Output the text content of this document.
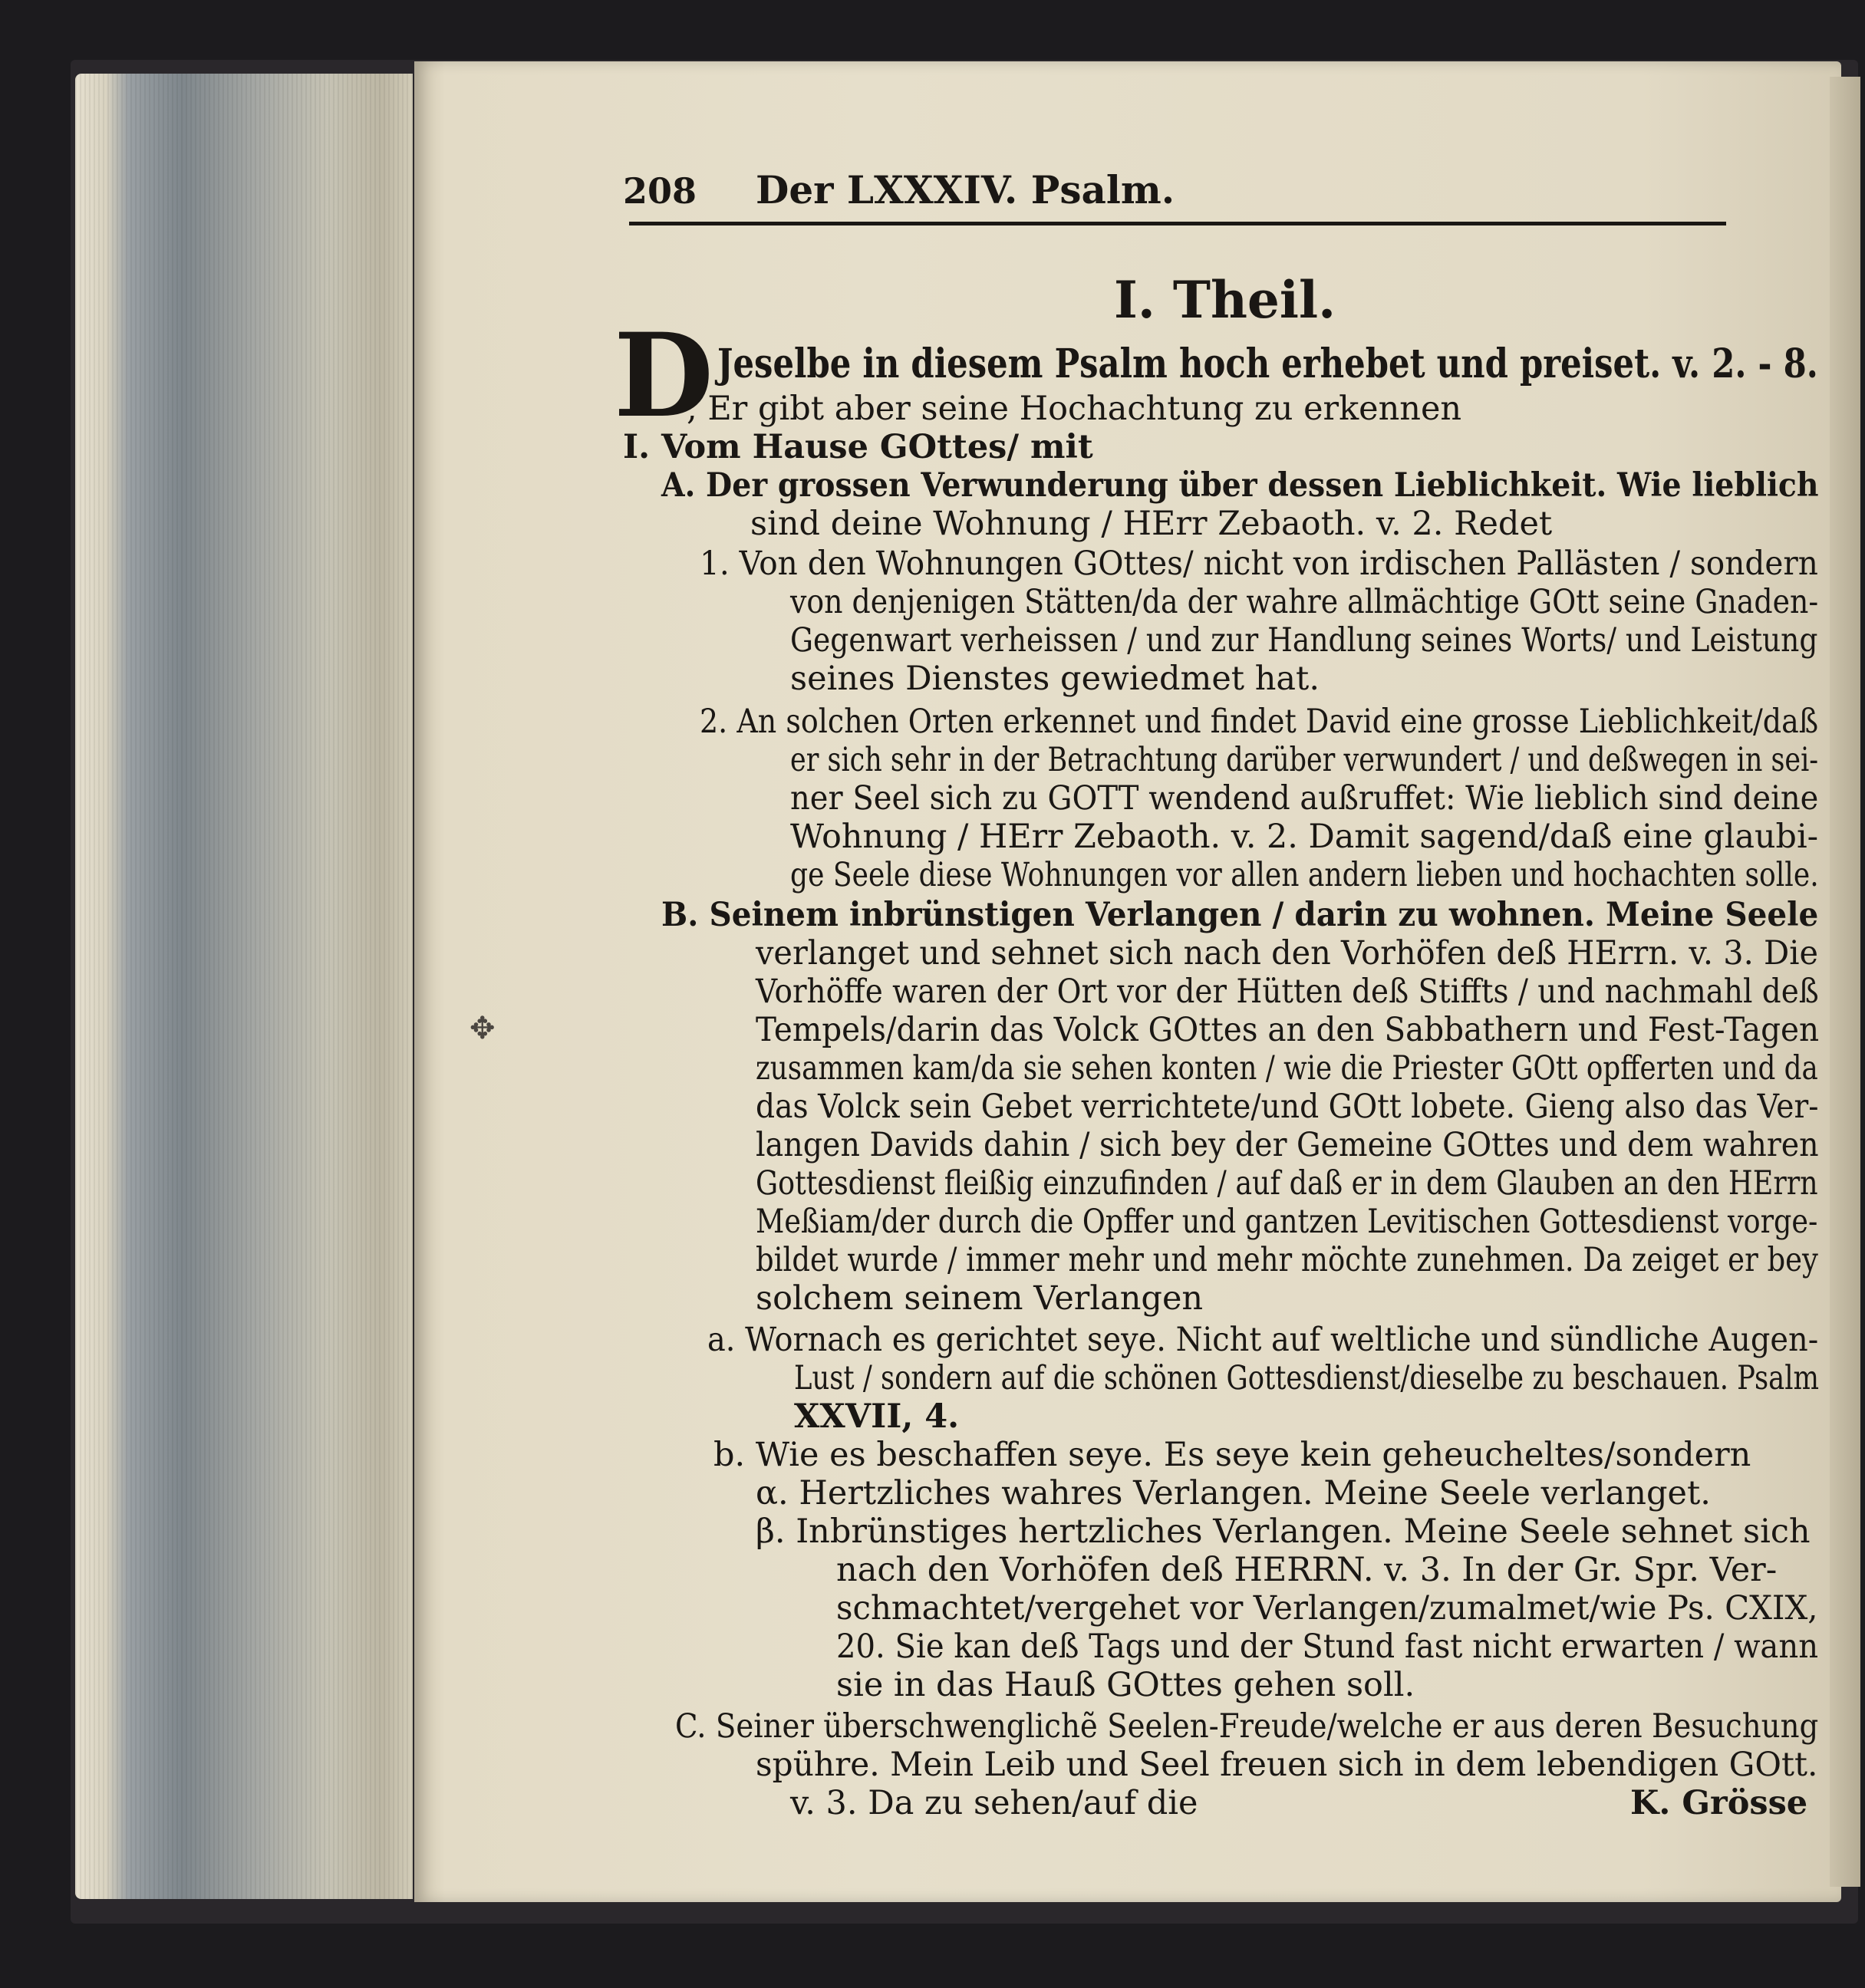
208 Der LXXXIV. Psalm.
I. Theil.
D Jeselbe in diesem Psalm hoch erhebet und preiset. v. 2. - 8.
, Er gibt aber seine Hochachtung zu erkennen
I. Vom Hause GOttes/ mit
A. Der grossen Verwunderung über dessen Lieblichkeit. Wie lieblich
sind deine Wohnung / HErr Zebaoth. v. 2. Redet
1. Von den Wohnungen GOttes/ nicht von irdischen Pallästen / sondern
von denjenigen Stätten/da der wahre allmächtige GOtt seine Gnaden-
Gegenwart verheissen / und zur Handlung seines Worts/ und Leistung
seines Dienstes gewiedmet hat.
2. An solchen Orten erkennet und findet David eine grosse Lieblichkeit/daß
er sich sehr in der Betrachtung darüber verwundert / und deßwegen in sei-
ner Seel sich zu GOTT wendend außruffet: Wie lieblich sind deine
Wohnung / HErr Zebaoth. v. 2. Damit sagend/daß eine glaubi-
ge Seele diese Wohnungen vor allen andern lieben und hochachten solle.
B. Seinem inbrünstigen Verlangen / darin zu wohnen. Meine Seele
verlanget und sehnet sich nach den Vorhöfen deß HErrn. v. 3. Die
Vorhöffe waren der Ort vor der Hütten deß Stiffts / und nachmahl deß
Tempels/darin das Volck GOttes an den Sabbathern und Fest-Tagen
zusammen kam/da sie sehen konten / wie die Priester GOtt opfferten und da
das Volck sein Gebet verrichtete/und GOtt lobete. Gieng also das Ver-
langen Davids dahin / sich bey der Gemeine GOttes und dem wahren
Gottesdienst fleißig einzufinden / auf daß er in dem Glauben an den HErrn
Meßiam/der durch die Opffer und gantzen Levitischen Gottesdienst vorge-
bildet wurde / immer mehr und mehr möchte zunehmen. Da zeiget er bey
solchem seinem Verlangen
a. Wornach es gerichtet seye. Nicht auf weltliche und sündliche Augen-
Lust / sondern auf die schönen Gottesdienst/dieselbe zu beschauen. Psalm
XXVII, 4.
b. Wie es beschaffen seye. Es seye kein geheucheltes/sondern
α. Hertzliches wahres Verlangen. Meine Seele verlanget.
β. Inbrünstiges hertzliches Verlangen. Meine Seele sehnet sich
nach den Vorhöfen deß HERRN. v. 3. In der Gr. Spr. Ver-
schmachtet/vergehet vor Verlangen/zumalmet/wie Ps. CXIX,
20. Sie kan deß Tags und der Stund fast nicht erwarten / wann
sie in das Hauß GOttes gehen soll.
C. Seiner überschwenglichẽ Seelen-Freude/welche er aus deren Besuchung
spühre. Mein Leib und Seel freuen sich in dem lebendigen GOtt.
v. 3. Da zu sehen/auf die	K. Grösse
✥
